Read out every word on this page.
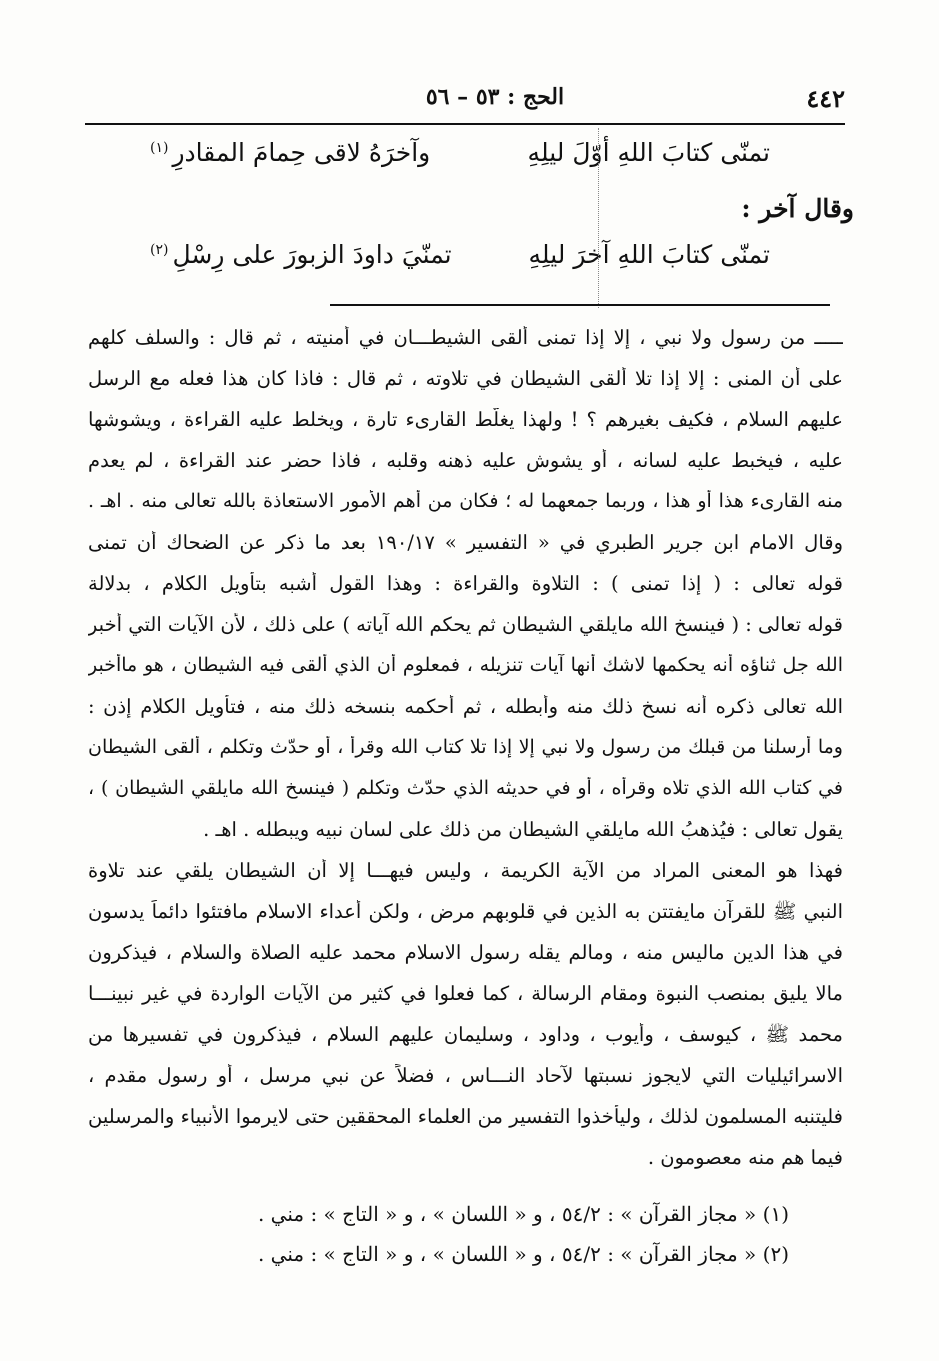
٤٤٢
الحج : ٥٣ – ٥٦
تمنّى كتابَ اللهِ أوّلَ ليلِهِ
وآخرَهُ لاقى حِمامَ المقادرِ$^{(١)}$
وقال آخر :
تمنّى كتابَ اللهِ آخرَ ليلِهِ
تمنّيَ داودَ الزبورَ على رِسْلِ$^{(٢)}$
ـــــ من رسول ولا نبي ، إلا إذا تمنى ألقى الشيطـــان في أمنيته ، ثم قال : والسلف كلهم
على أن المنى : إلا إذا تلا ألقى الشيطان في تلاوته ، ثم قال : فاذا كان هذا فعله مع الرسل
عليهم السلام ، فكيف بغيرهم ؟ ! ولهذا يغلّط القارىء تارة ، ويخلط عليه القراءة ، ويشوشها
عليه ، فيخبط عليه لسانه ، أو يشوش عليه ذهنه وقلبه ، فاذا حضر عند القراءة ، لم يعدم
منه القارىء هذا أو هذا ، وربما جمعهما له ؛ فكان من أهم الأمور الاستعاذة بالله تعالى منه . اهـ .
وقال الامام ابن جرير الطبري في « التفسير » ١٩٠/١٧ بعد ما ذكر عن الضحاك أن تمنى
قوله تعالى : ( إذا تمنى ) : التلاوة والقراءة : وهذا القول أشبه بتأويل الكلام ، بدلالة
قوله تعالى : ( فينسخ الله مايلقي الشيطان ثم يحكم الله آياته ) على ذلك ، لأن الآيات التي أخبر
الله جل ثناؤه أنه يحكمها لاشك أنها آيات تنزيله ، فمعلوم أن الذي ألقى فيه الشيطان ، هو ماأخبر
الله تعالى ذكره أنه نسخ ذلك منه وأبطله ، ثم أحكمه بنسخه ذلك منه ، فتأويل الكلام إذن :
وما أرسلنا من قبلك من رسول ولا نبي إلا إذا تلا كتاب الله وقرأ ، أو حدّث وتكلم ، ألقى الشيطان
في كتاب الله الذي تلاه وقرأه ، أو في حديثه الذي حدّث وتكلم ( فينسخ الله مايلقي الشيطان ) ،
يقول تعالى : فيُذهبُ الله مايلقي الشيطان من ذلك على لسان نبيه ويبطله . اهـ .
فهذا هو المعنى المراد من الآية الكريمة ، وليس فيهـــا إلا أن الشيطان يلقي عند تلاوة
النبي ﷺ للقرآن مايفتتن به الذين في قلوبهم مرض ، ولكن أعداء الاسلام مافتئوا دائماً يدسون
في هذا الدين ماليس منه ، ومالم يقله رسول الاسلام محمد عليه الصلاة والسلام ، فيذكرون
مالا يليق بمنصب النبوة ومقام الرسالة ، كما فعلوا في كثير من الآيات الواردة في غير نبينـــا
محمد ﷺ ، كيوسف ، وأيوب ، وداود ، وسليمان عليهم السلام ، فيذكرون في تفسيرها من
الاسرائيليات التي لايجوز نسبتها لآحاد النـــاس ، فضلاً عن نبي مرسل ، أو رسول مقدم ،
فليتنبه المسلمون لذلك ، وليأخذوا التفسير من العلماء المحققين حتى لايرموا الأنبياء والمرسلين
فيما هم منه معصومون .
(١) « مجاز القرآن » : ٥٤/٢ ، و « اللسان » ، و « التاج » : مني .
(٢) « مجاز القرآن » : ٥٤/٢ ، و « اللسان » ، و « التاج » : مني .
